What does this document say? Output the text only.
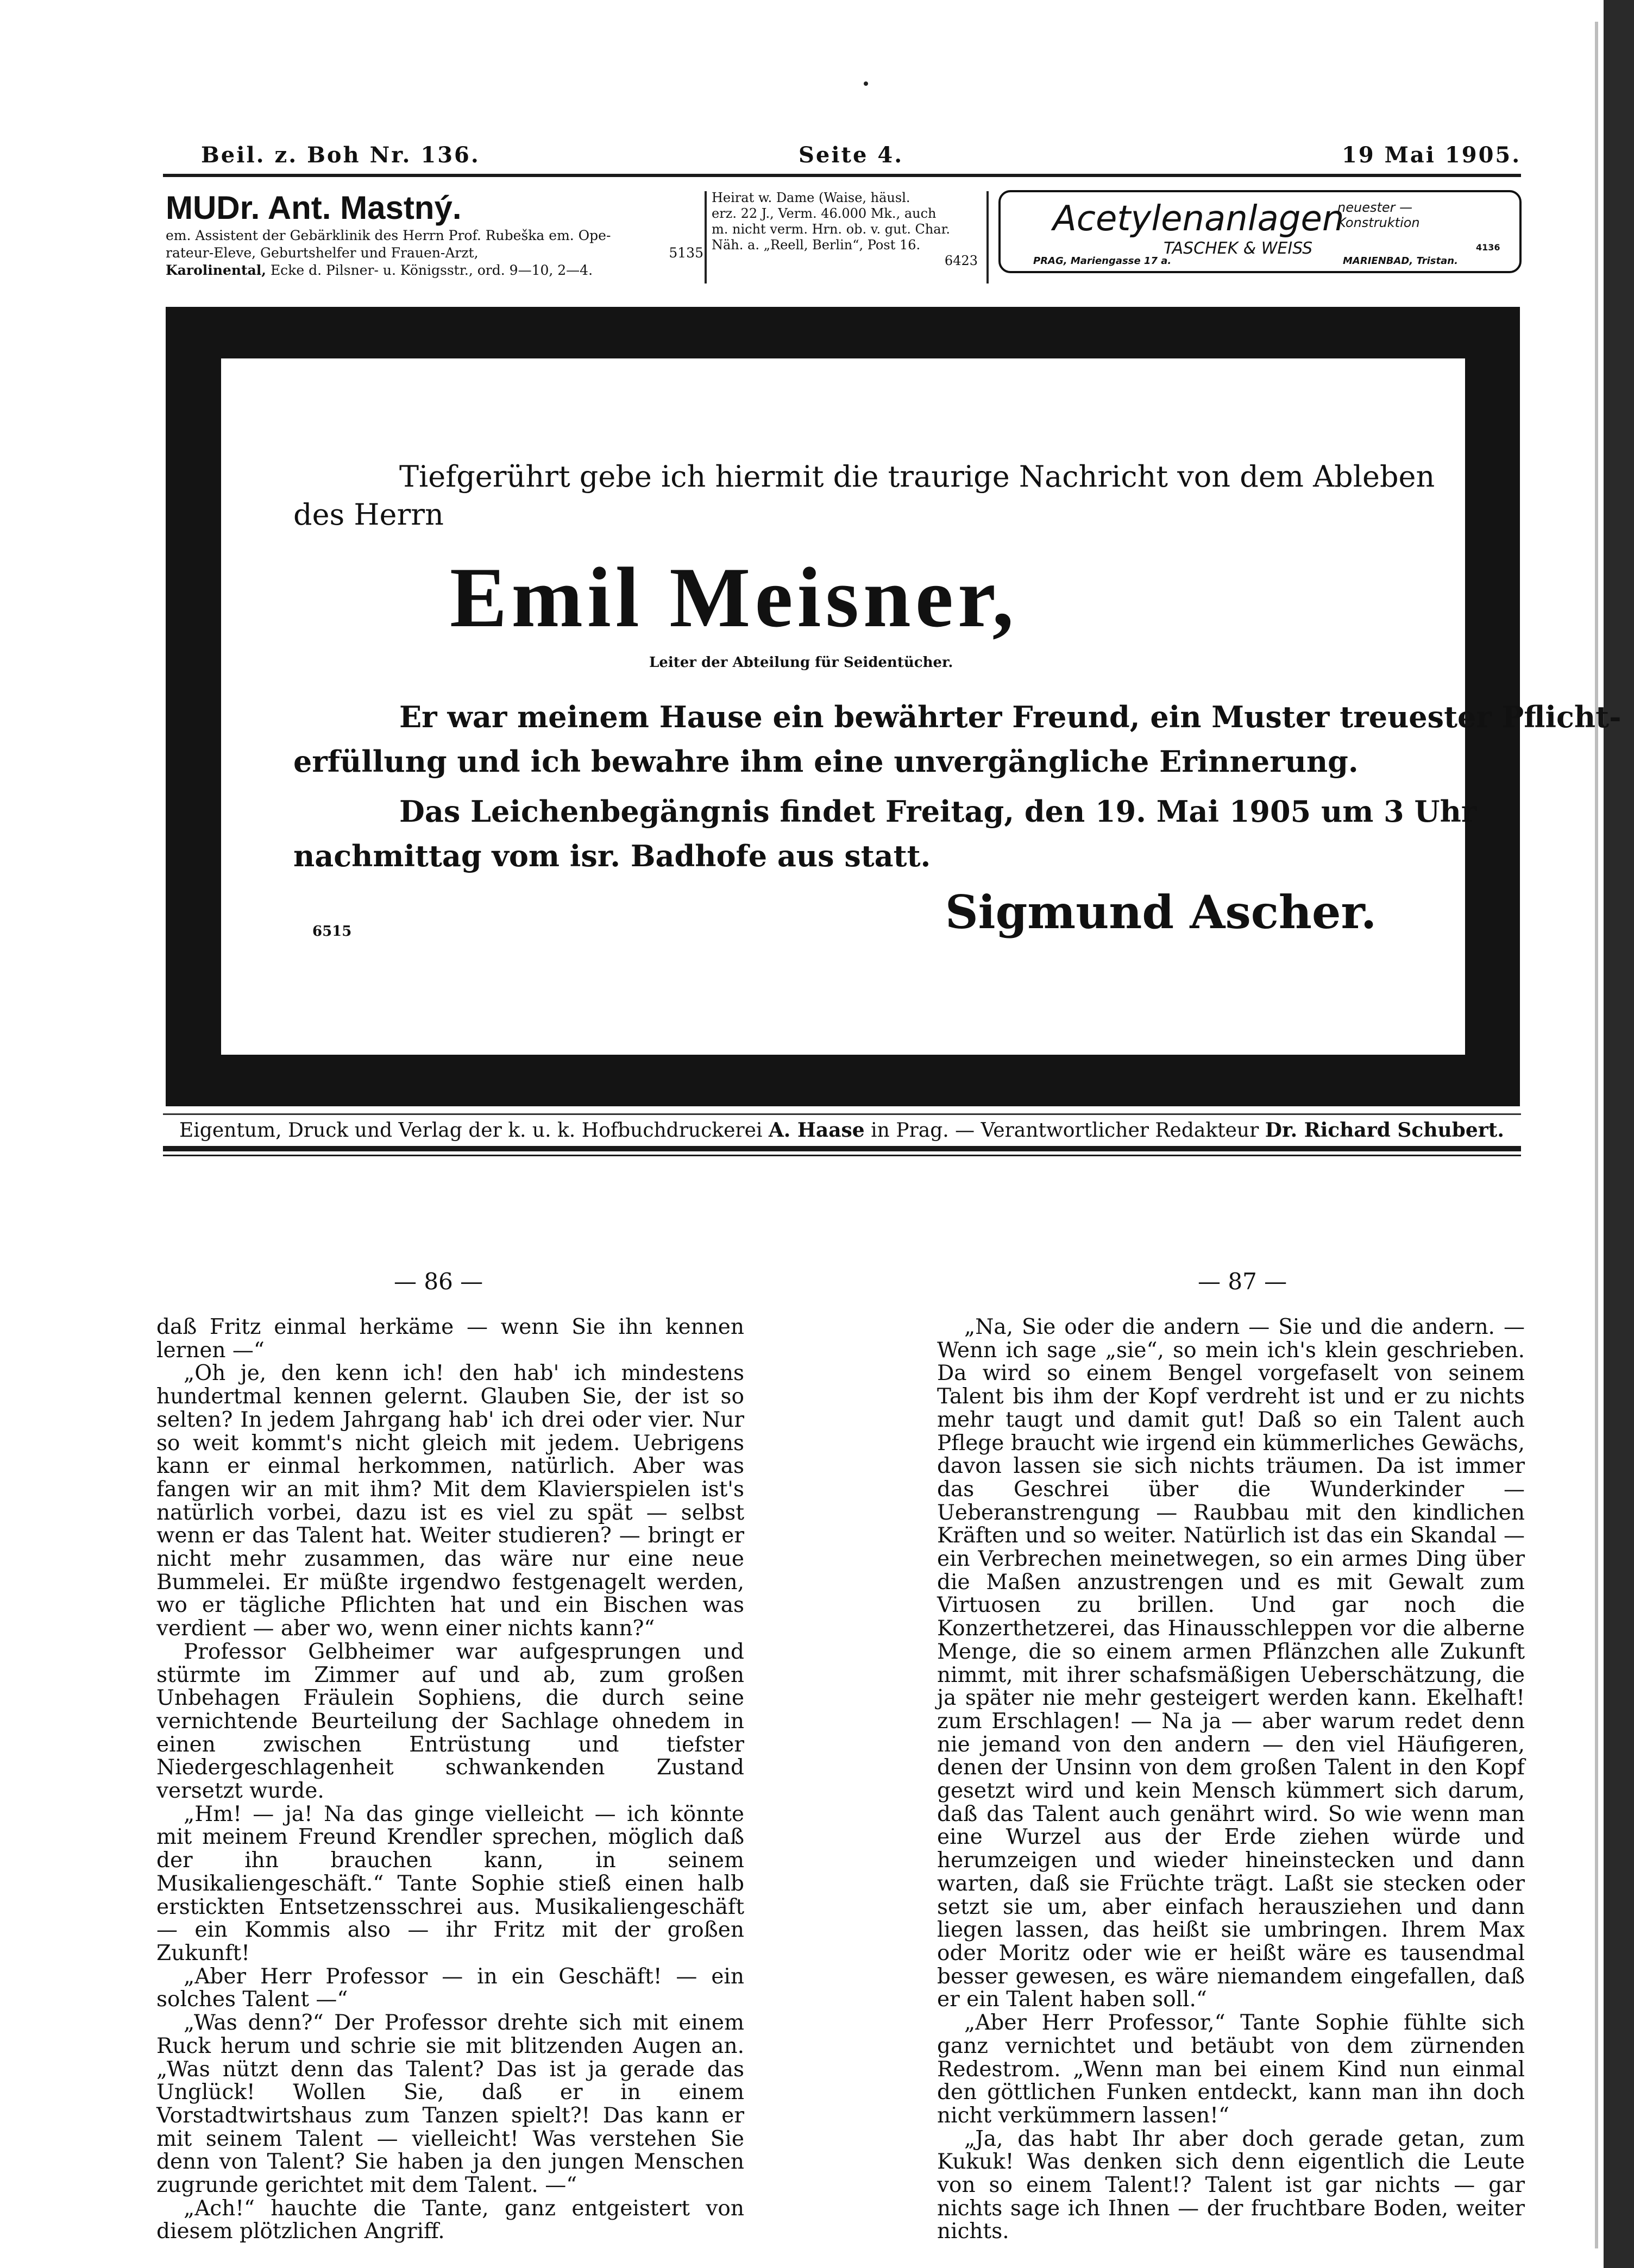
Beil. z. Boh Nr. 136.	Seite 4.	19 Mai 1905.
MUDr. Ant. Mastný.
em. Assistent der Gebärklinik des Herrn Prof. Rubeška em. Ope-
rateur-Eleve, Geburtshelfer und Frauen-Arzt,	5135
Karolinental, Ecke d. Pilsner- u. Königsstr., ord. 9—10, 2—4.
Heirat w. Dame (Waise, häusl.
erz. 22 J., Verm. 46.000 Mk., auch
m. nicht verm. Hrn. ob. v. gut. Char.
Näh. a. „Reell, Berlin“, Post 16.
6423
Acetylenanlagen
neuester —
Konstruktion
TASCHEK & WEISS	4136
PRAG, Mariengasse 17 a.	MARIENBAD, Tristan.
Tiefgerührt gebe ich hiermit die traurige Nachricht von dem Ableben
des Herrn
Emil Meisner,
Leiter der Abteilung für Seidentücher.
Er war meinem Hause ein bewährter Freund, ein Muster treuester Pflicht-
erfüllung und ich bewahre ihm eine unvergängliche Erinnerung.
Das Leichenbegängnis findet Freitag, den 19. Mai 1905 um 3 Uhr
nachmittag vom isr. Badhofe aus statt.
6515	Sigmund Ascher.
Eigentum, Druck und Verlag der k. u. k. Hofbuchdruckerei A. Haase in Prag. — Verantwortlicher Redakteur Dr. Richard Schubert.
— 86 —	— 87 —

daß Fritz einmal herkäme — wenn Sie ihn kennen lernen —“

„Oh je, den kenn ich! den hab' ich mindestens hundertmal kennen gelernt. Glauben Sie, der ist so selten? In jedem Jahrgang hab' ich drei oder vier. Nur so weit kommt's nicht gleich mit jedem. Uebrigens kann er einmal herkommen, natürlich. Aber was fangen wir an mit ihm? Mit dem Klavierspielen ist's natürlich vorbei, dazu ist es viel zu spät — selbst wenn er das Talent hat. Weiter studieren? — bringt er nicht mehr zusammen, das wäre nur eine neue Bummelei. Er müßte irgendwo festgenagelt werden, wo er tägliche Pflichten hat und ein Bischen was verdient — aber wo, wenn einer nichts kann?“

Professor Gelbheimer war aufgesprungen und stürmte im Zimmer auf und ab, zum großen Unbehagen Fräulein Sophiens, die durch seine vernichtende Beurteilung der Sachlage ohnedem in einen zwischen Entrüstung und tiefster Niedergeschlagenheit schwankenden Zustand versetzt wurde.

„Hm! — ja! Na das ginge vielleicht — ich könnte mit meinem Freund Krendler sprechen, möglich daß der ihn brauchen kann, in seinem Musikaliengeschäft.“ Tante Sophie stieß einen halb erstickten Entsetzensschrei aus. Musikaliengeschäft — ein Kommis also — ihr Fritz mit der großen Zukunft!

„Aber Herr Professor — in ein Geschäft! — ein solches Talent —“

„Was denn?“ Der Professor drehte sich mit einem Ruck herum und schrie sie mit blitzenden Augen an. „Was nützt denn das Talent? Das ist ja gerade das Unglück! Wollen Sie, daß er in einem Vorstadtwirtshaus zum Tanzen spielt?! Das kann er mit seinem Talent — vielleicht! Was verstehen Sie denn von Talent? Sie haben ja den jungen Menschen zugrunde gerichtet mit dem Talent. —“

„Ach!“ hauchte die Tante, ganz entgeistert von diesem plötzlichen Angriff.

„Na, Sie oder die andern — Sie und die andern. — Wenn ich sage „sie“, so mein ich's klein geschrieben. Da wird so einem Bengel vorgefaselt von seinem Talent bis ihm der Kopf verdreht ist und er zu nichts mehr taugt und damit gut! Daß so ein Talent auch Pflege braucht wie irgend ein kümmerliches Gewächs, davon lassen sie sich nichts träumen. Da ist immer das Geschrei über die Wunderkinder — Ueberanstrengung — Raubbau mit den kindlichen Kräften und so weiter. Natürlich ist das ein Skandal — ein Verbrechen meinetwegen, so ein armes Ding über die Maßen anzustrengen und es mit Gewalt zum Virtuosen zu brillen. Und gar noch die Konzerthetzerei, das Hinausschleppen vor die alberne Menge, die so einem armen Pflänzchen alle Zukunft nimmt, mit ihrer schafsmäßigen Ueberschätzung, die ja später nie mehr gesteigert werden kann. Ekelhaft! zum Erschlagen! — Na ja — aber warum redet denn nie jemand von den andern — den viel Häufigeren, denen der Unsinn von dem großen Talent in den Kopf gesetzt wird und kein Mensch kümmert sich darum, daß das Talent auch genährt wird. So wie wenn man eine Wurzel aus der Erde ziehen würde und herumzeigen und wieder hineinstecken und dann warten, daß sie Früchte trägt. Laßt sie stecken oder setzt sie um, aber einfach herausziehen und dann liegen lassen, das heißt sie umbringen. Ihrem Max oder Moritz oder wie er heißt wäre es tausendmal besser gewesen, es wäre niemandem eingefallen, daß er ein Talent haben soll.“

„Aber Herr Professor,“ Tante Sophie fühlte sich ganz vernichtet und betäubt von dem zürnenden Redestrom. „Wenn man bei einem Kind nun einmal den göttlichen Funken entdeckt, kann man ihn doch nicht verkümmern lassen!“

„Ja, das habt Ihr aber doch gerade getan, zum Kukuk! Was denken sich denn eigentlich die Leute von so einem Talent!? Talent ist gar nichts — gar nichts sage ich Ihnen — der fruchtbare Boden, weiter nichts.
